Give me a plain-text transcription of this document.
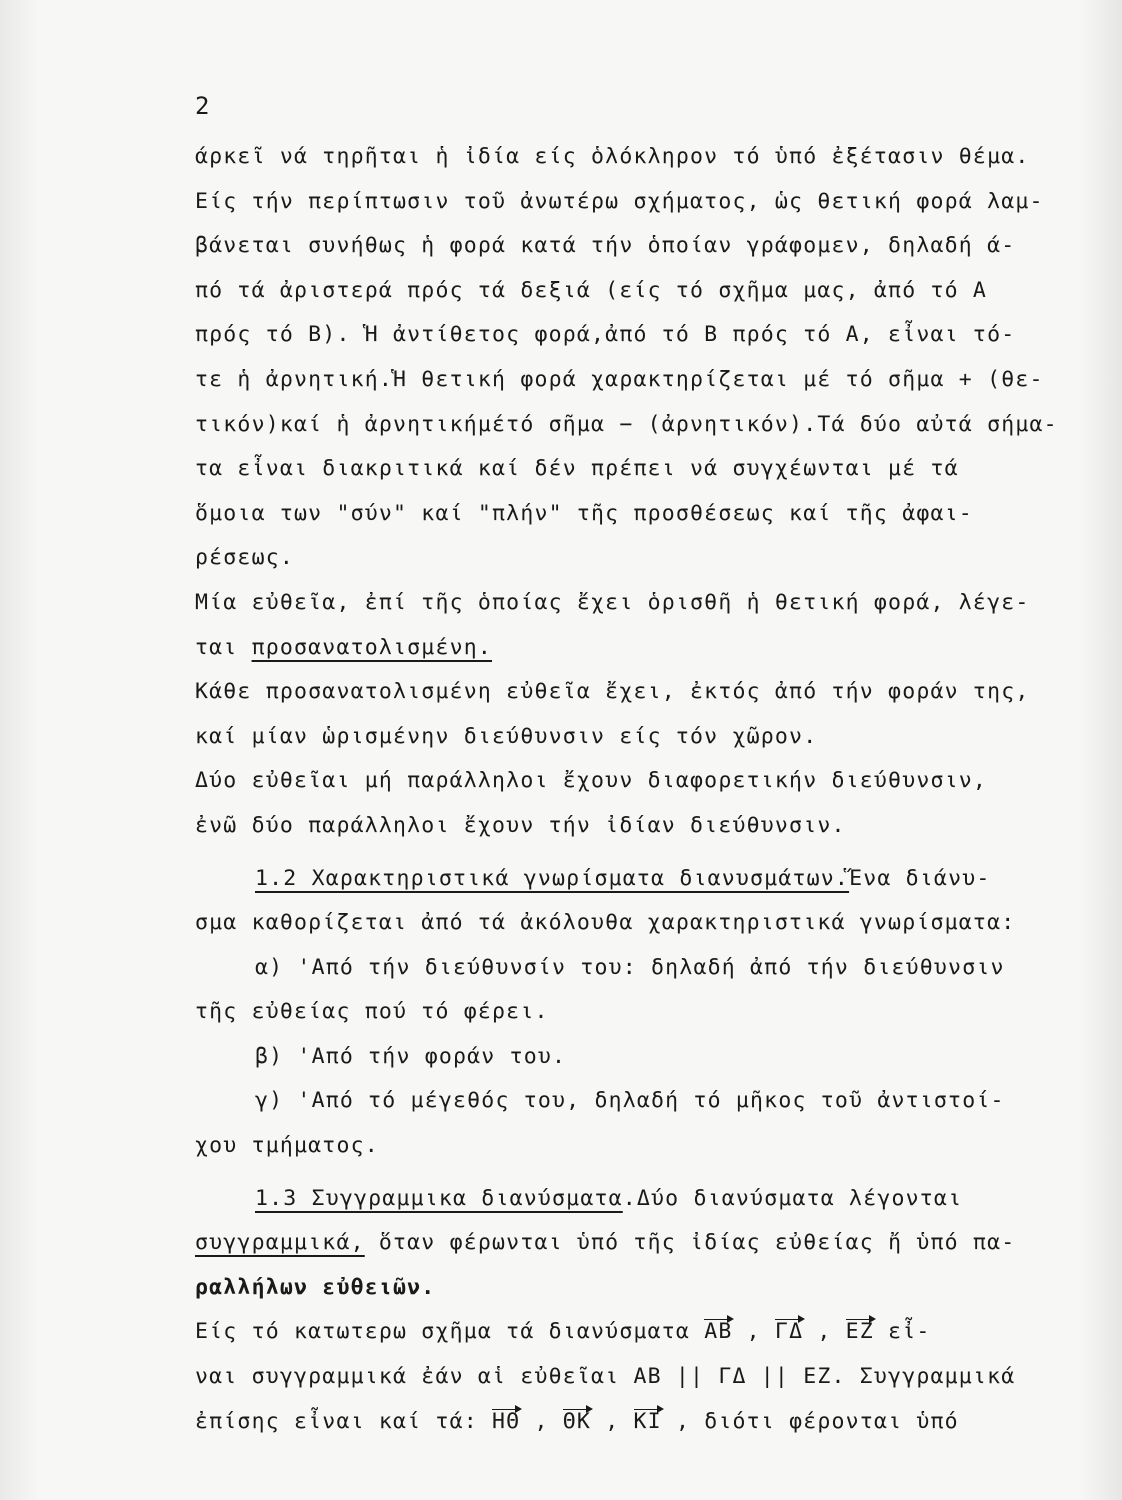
2
άρκεῖ νά τηρῆται ἡ ἰδία είς ὁλόκληρον τό ὑπό ἐξέτασιν θέμα.
Είς τήν περίπτωσιν τοῦ ἀνωτέρω σχήματος, ὡς θετική φορά λαμ-
βάνεται συνήθως ἡ φορά κατά τήν ὁποίαν γράφομεν, δηλαδή ά-
πό τά ἀριστερά πρός τά δεξιά (είς τό σχῆμα μας, ἀπό τό Α
πρός τό Β). Ἡ ἀντίθετος φορά,ἀπό τό Β πρός τό Α, εἶναι τό-
τε ἡ ἀρνητική.Ἡ θετική φορά χαρακτηρίζεται μέ τό σῆμα + (θε-
τικόν)καί ἡ ἀρνητικήμέτό σῆμα − (ἀρνητικόν).Τά δύο αὐτά σήμα-
τα εἶναι διακριτικά καί δέν πρέπει νά συγχέωνται μέ τά
ὅμοια των "σύν" καί "πλήν" τῆς προσθέσεως καί τῆς ἀφαι-
ρέσεως.
Μία εὐθεῖα, ἐπί τῆς ὁποίας ἔχει ὁρισθῆ ἡ θετική φορά, λέγε-
ται προσανατολισμένη.
Κάθε προσανατολισμένη εὐθεῖα ἔχει, ἐκτός ἀπό τήν φοράν της,
καί μίαν ὡρισμένην διεύθυνσιν είς τόν χῶρον.
Δύο εὐθεῖαι μή παράλληλοι ἔχουν διαφορετικήν διεύθυνσιν,
ἐνῶ δύο παράλληλοι ἔχουν τήν ἰδίαν διεύθυνσιν.
1.2 Χαρακτηριστικά γνωρίσματα διανυσμάτων.Ἕνα διάνυ-
σμα καθορίζεται ἀπό τά ἀκόλουθα χαρακτηριστικά γνωρίσματα:
α) 'Από τήν διεύθυνσίν του: δηλαδή ἀπό τήν διεύθυνσιν
τῆς εὐθείας πού τό φέρει.
β) 'Από τήν φοράν του.
γ) 'Από τό μέγεθός του, δηλαδή τό μῆκος τοῦ ἀντιστοί-
χου τμήματος.
1.3 Συγγραμμικα διανύσματα.Δύο διανύσματα λέγονται
συγγραμμικά, ὅταν φέρωνται ὑπό τῆς ἰδίας εὐθείας ἤ ὑπό πα-
ραλλήλων εὐθειῶν.
Είς τό κατωτερω σχῆμα τά διανύσματα ΑΒ , ΓΔ , ΕΖ εἶ-
ναι συγγραμμικά ἐάν αἱ εὐθεῖαι ΑΒ || ΓΔ || ΕΖ. Συγγραμμικά
ἐπίσης εἶναι καί τά: ΗΘ , ΘΚ , ΚΙ , διότι φέρονται ὑπό
